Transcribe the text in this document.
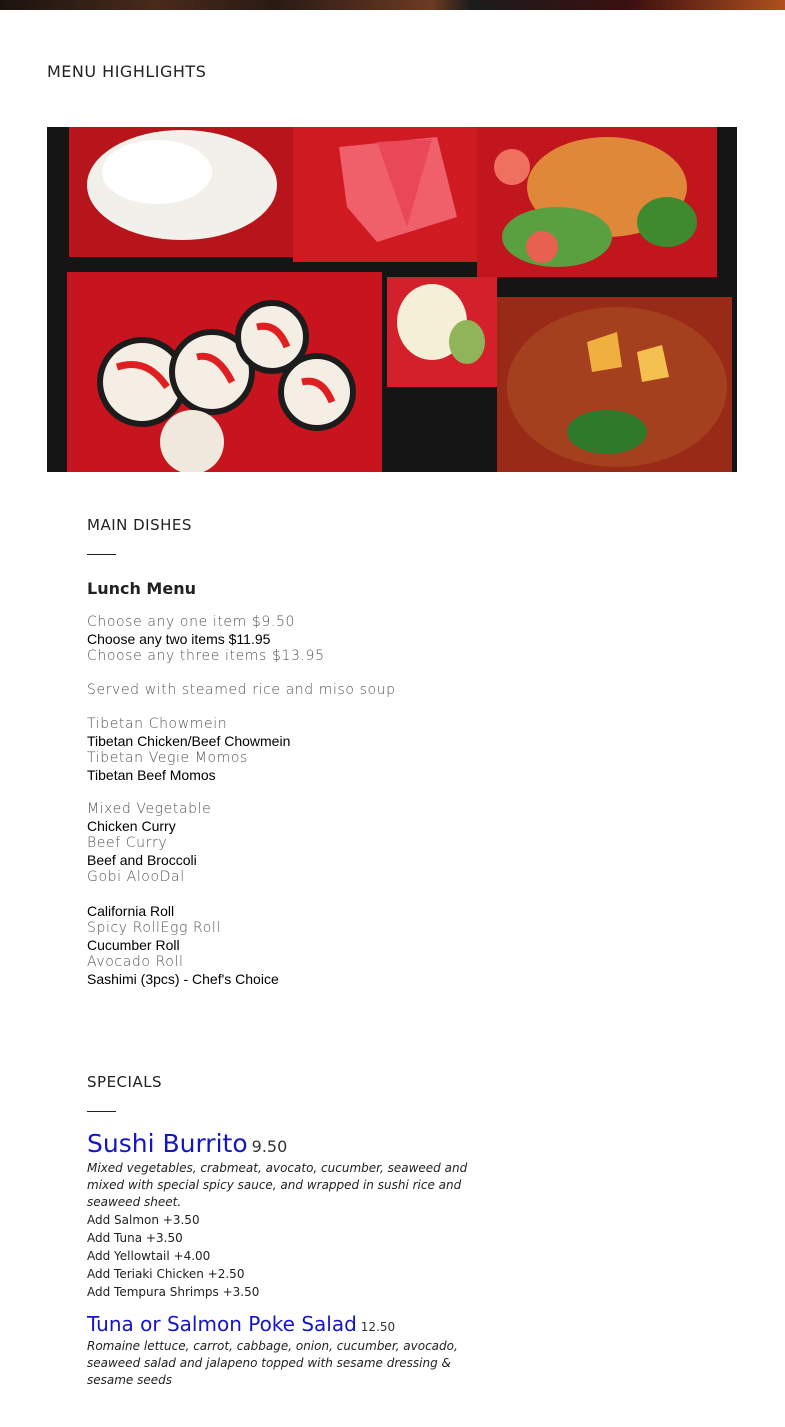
MENU HIGHLIGHTS
MAIN DISHES
Lunch Menu
Choose any one item $9.50
Choose any two items $11.95
Choose any three items $13.95
Served with steamed rice and miso soup
Tibetan Chowmein
Tibetan Chicken/Beef Chowmein
Tibetan Vegie Momos
Tibetan Beef Momos
Mixed Vegetable
Chicken Curry
Beef Curry
Beef and Broccoli
Gobi AlooDal
California Roll
Spicy RollEgg Roll
Cucumber Roll
Avocado Roll
Sashimi (3pcs) - Chef's Choice
SPECIALS
Sushi Burrito 9.50
Mixed vegetables, crabmeat, avocato, cucumber, seaweed and mixed with special spicy sauce, and wrapped in sushi rice and seaweed sheet.
Add Salmon +3.50
Add Tuna +3.50
Add Yellowtail +4.00
Add Teriaki Chicken +2.50
Add Tempura Shrimps +3.50
Tuna or Salmon Poke Salad 12.50
Romaine lettuce, carrot, cabbage, onion, cucumber, avocado, seaweed salad and jalapeno topped with sesame dressing & sesame seeds
